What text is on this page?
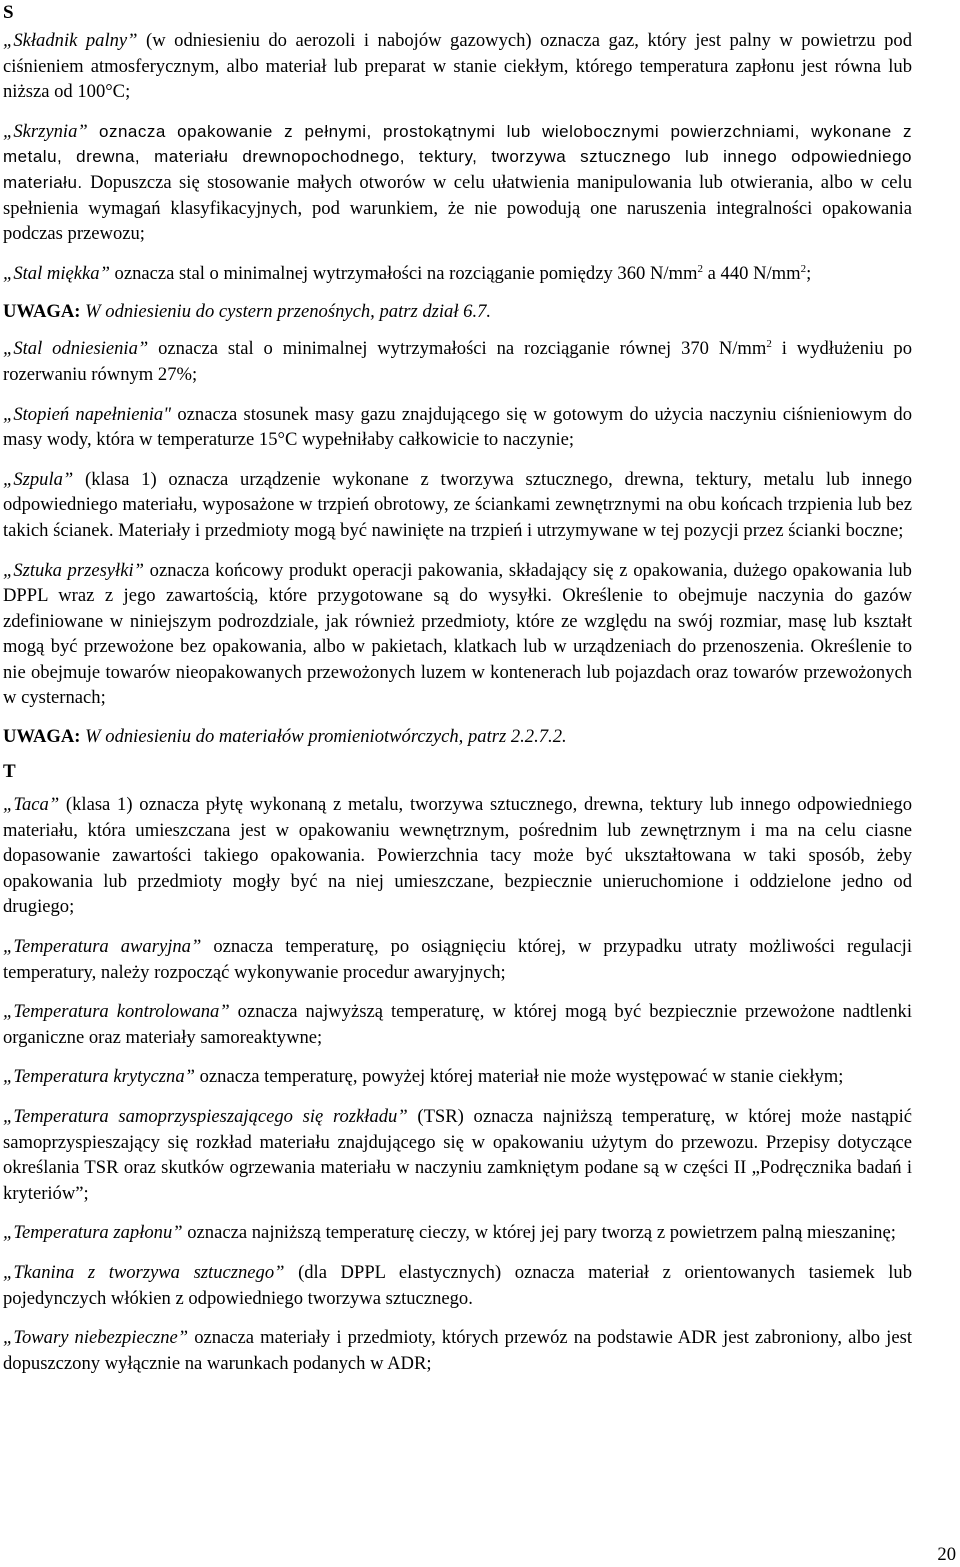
S

„Składnik palny” (w odniesieniu do aerozoli i nabojów gazowych) oznacza gaz, który jest palny w powietrzu pod ciśnieniem atmosferycznym, albo materiał lub preparat w stanie ciekłym, którego temperatura zapłonu jest równa lub niższa od 100°C;

„Skrzynia” oznacza opakowanie z pełnymi, prostokątnymi lub wielobocznymi powierzchniami, wykonane z metalu, drewna, materiału drewnopochodnego, tektury, tworzywa sztucznego lub innego odpowiedniego materiału. Dopuszcza się stosowanie małych otworów w celu ułatwienia manipulowania lub otwierania, albo w celu spełnienia wymagań klasyfikacyjnych, pod warunkiem, że nie powodują one naruszenia integralności opakowania podczas przewozu;

„Stal miękka” oznacza stal o minimalnej wytrzymałości na rozciąganie pomiędzy 360 $N/mm^2$ a 440 $N/mm^2$;

UWAGA: W odniesieniu do cystern przenośnych, patrz dział 6.7.

„Stal odniesienia” oznacza stal o minimalnej wytrzymałości na rozciąganie równej 370 $N/mm^2$ i wydłużeniu po rozerwaniu równym 27%;

„Stopień napełnienia" oznacza stosunek masy gazu znajdującego się w gotowym do użycia naczyniu ciśnieniowym do masy wody, która w temperaturze 15°C wypełniłaby całkowicie to naczynie;

„Szpula” (klasa 1) oznacza urządzenie wykonane z tworzywa sztucznego, drewna, tektury, metalu lub innego odpowiedniego materiału, wyposażone w trzpień obrotowy, ze ściankami zewnętrznymi na obu końcach trzpienia lub bez takich ścianek. Materiały i przedmioty mogą być nawinięte na trzpień i utrzymywane w tej pozycji przez ścianki boczne;

„Sztuka przesyłki” oznacza końcowy produkt operacji pakowania, składający się z opakowania, dużego opakowania lub DPPL wraz z jego zawartością, które przygotowane są do wysyłki. Określenie to obejmuje naczynia do gazów zdefiniowane w niniejszym podrozdziale, jak również przedmioty, które ze względu na swój rozmiar, masę lub kształt mogą być przewożone bez opakowania, albo w pakietach, klatkach lub w urządzeniach do przenoszenia. Określenie to nie obejmuje towarów nieopakowanych przewożonych luzem w kontenerach lub pojazdach oraz towarów przewożonych w cysternach;

UWAGA: W odniesieniu do materiałów promieniotwórczych, patrz 2.2.7.2.

T

„Taca” (klasa 1) oznacza płytę wykonaną z metalu, tworzywa sztucznego, drewna, tektury lub innego odpowiedniego materiału, która umieszczana jest w opakowaniu wewnętrznym, pośrednim lub zewnętrznym i ma na celu ciasne dopasowanie zawartości takiego opakowania. Powierzchnia tacy może być ukształtowana w taki sposób, żeby opakowania lub przedmioty mogły być na niej umieszczane, bezpiecznie unieruchomione i oddzielone jedno od drugiego;

„Temperatura awaryjna” oznacza temperaturę, po osiągnięciu której, w przypadku utraty możliwości regulacji temperatury, należy rozpocząć wykonywanie procedur awaryjnych;

„Temperatura kontrolowana” oznacza najwyższą temperaturę, w której mogą być bezpiecznie przewożone nadtlenki organiczne oraz materiały samoreaktywne;

„Temperatura krytyczna” oznacza temperaturę, powyżej której materiał nie może występować w stanie ciekłym;

„Temperatura samoprzyspieszającego się rozkładu” (TSR) oznacza najniższą temperaturę, w której może nastąpić samoprzyspieszający się rozkład materiału znajdującego się w opakowaniu użytym do przewozu. Przepisy dotyczące określania TSR oraz skutków ogrzewania materiału w naczyniu zamkniętym podane są w części II „Podręcznika badań i kryteriów”;

„Temperatura zapłonu” oznacza najniższą temperaturę cieczy, w której jej pary tworzą z powietrzem palną mieszaninę;

„Tkanina z tworzywa sztucznego” (dla DPPL elastycznych) oznacza materiał z orientowanych tasiemek lub pojedynczych włókien z odpowiedniego tworzywa sztucznego.

„Towary niebezpieczne” oznacza materiały i przedmioty, których przewóz na podstawie ADR jest zabroniony, albo jest dopuszczony wyłącznie na warunkach podanych w ADR;

20
